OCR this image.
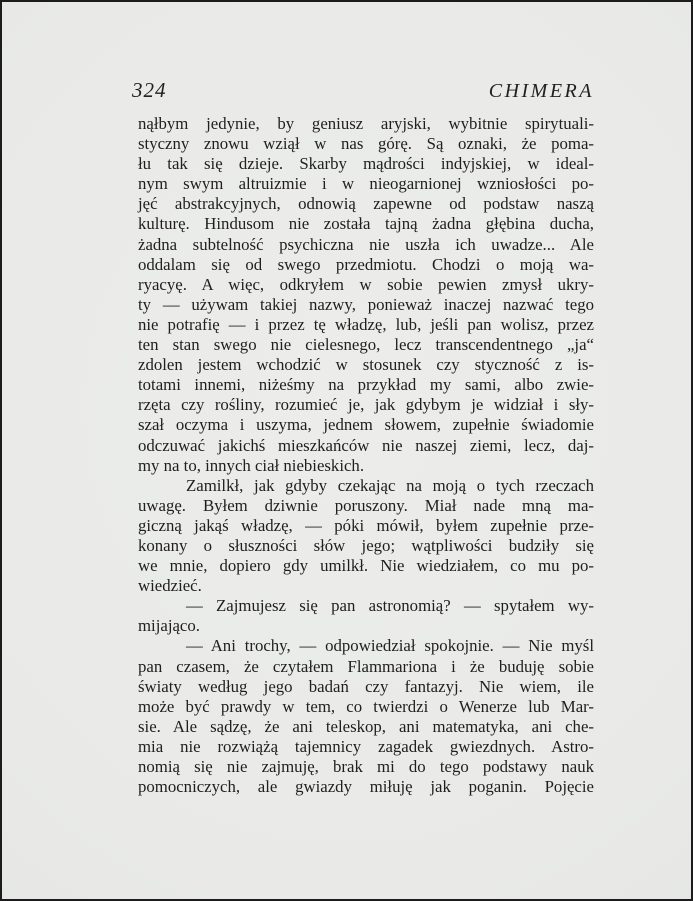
324	CHIMERA
nąłbym jedynie, by geniusz aryjski, wybitnie spirytuali-
styczny znowu wziął w nas górę. Są oznaki, że poma-
łu tak się dzieje. Skarby mądrości indyjskiej, w ideal-
nym swym altruizmie i w nieogarnionej wzniosłości po-
jęć abstrakcyjnych, odnowią zapewne od podstaw naszą
kulturę. Hindusom nie została tajną żadna głębina ducha,
żadna subtelność psychiczna nie uszła ich uwadze... Ale
oddalam się od swego przedmiotu. Chodzi o moją wa-
ryacyę. A więc, odkryłem w sobie pewien zmysł ukry-
ty — używam takiej nazwy, ponieważ inaczej nazwać tego
nie potrafię — i przez tę władzę, lub, jeśli pan wolisz, przez
ten stan swego nie cielesnego, lecz transcendentnego „ja“
zdolen jestem wchodzić w stosunek czy styczność z is-
totami innemi, niżeśmy na przykład my sami, albo zwie-
rzęta czy rośliny, rozumieć je, jak gdybym je widział i sły-
szał oczyma i uszyma, jednem słowem, zupełnie świadomie
odczuwać jakichś mieszkańców nie naszej ziemi, lecz, daj-
my na to, innych ciał niebieskich.
Zamilkł, jak gdyby czekając na moją o tych rzeczach
uwagę. Byłem dziwnie poruszony. Miał nade mną ma-
giczną jakąś władzę, — póki mówił, byłem zupełnie prze-
konany o słuszności słów jego; wątpliwości budziły się
we mnie, dopiero gdy umilkł. Nie wiedziałem, co mu po-
wiedzieć.
— Zajmujesz się pan astronomią? — spytałem wy-
mijająco.
— Ani trochy, — odpowiedział spokojnie. — Nie myśl
pan czasem, że czytałem Flammariona i że buduję sobie
światy według jego badań czy fantazyj. Nie wiem, ile
może być prawdy w tem, co twierdzi o Wenerze lub Mar-
sie. Ale sądzę, że ani teleskop, ani matematyka, ani che-
mia nie rozwiążą tajemnicy zagadek gwiezdnych. Astro-
nomią się nie zajmuję, brak mi do tego podstawy nauk
pomocniczych, ale gwiazdy miłuję jak poganin. Pojęcie
